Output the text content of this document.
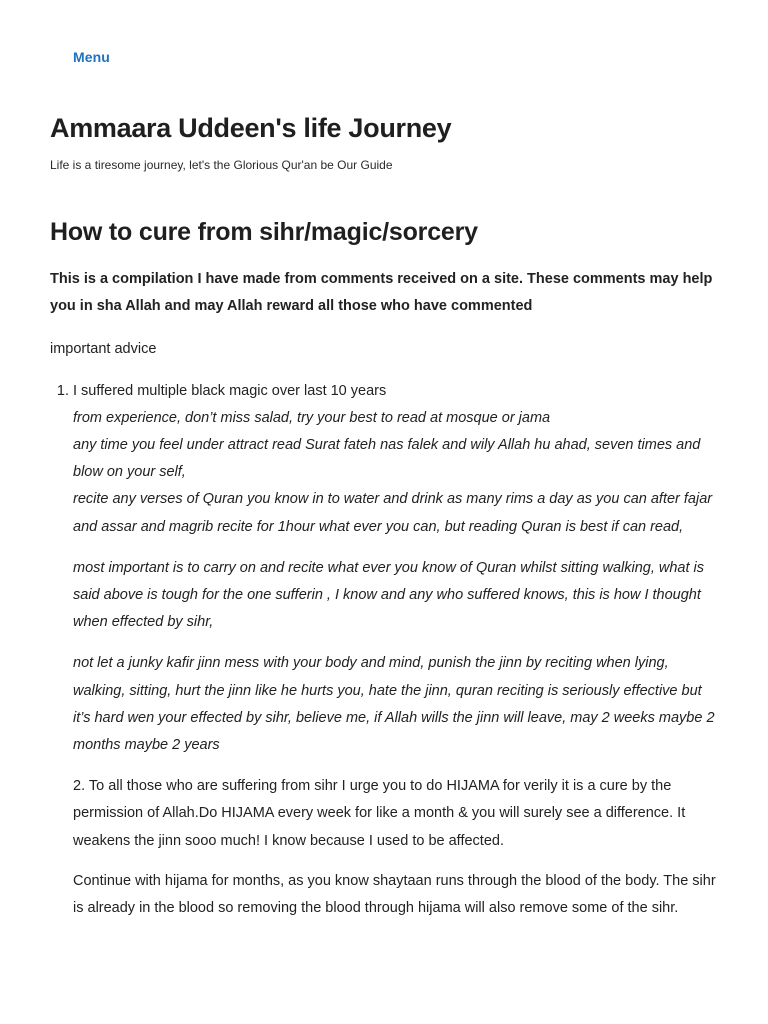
Menu
Ammaara Uddeen's life Journey

Life is a tiresome journey, let's the Glorious Qur'an be Our Guide

How to cure from sihr/magic/sorcery

This is a compilation I have made from comments received on a site. These comments may help you in sha Allah and may Allah reward all those who have commented

important advice

1. I suffered multiple black magic over last 10 years

from experience, don’t miss salad, try your best to read at mosque or jama
any time you feel under attract read Surat fateh nas falek and wily Allah hu ahad, seven times and blow on your self,
recite any verses of Quran you know in to water and drink as many rims a day as you can after fajar and assar and magrib recite for 1hour what ever you can, but reading Quran is best if can read,

most important is to carry on and recite what ever you know of Quran whilst sitting walking, what is said above is tough for the one sufferin , I know and any who suffered knows, this is how I thought when effected by sihr,

not let a junky kafir jinn mess with your body and mind, punish the jinn by reciting when lying, walking, sitting, hurt the jinn like he hurts you, hate the jinn, quran reciting is seriously effective but it’s hard wen your effected by sihr, believe me, if Allah wills the jinn will leave, may 2 weeks maybe 2 months maybe 2 years

2. To all those who are suffering from sihr I urge you to do HIJAMA for verily it is a cure by the permission of Allah.Do HIJAMA every week for like a month & you will surely see a difference. It weakens the jinn sooo much! I know because I used to be affected.

Continue with hijama for months, as you know shaytaan runs through the blood of the body. The sihr is already in the blood so removing the blood through hijama will also remove some of the sihr.
